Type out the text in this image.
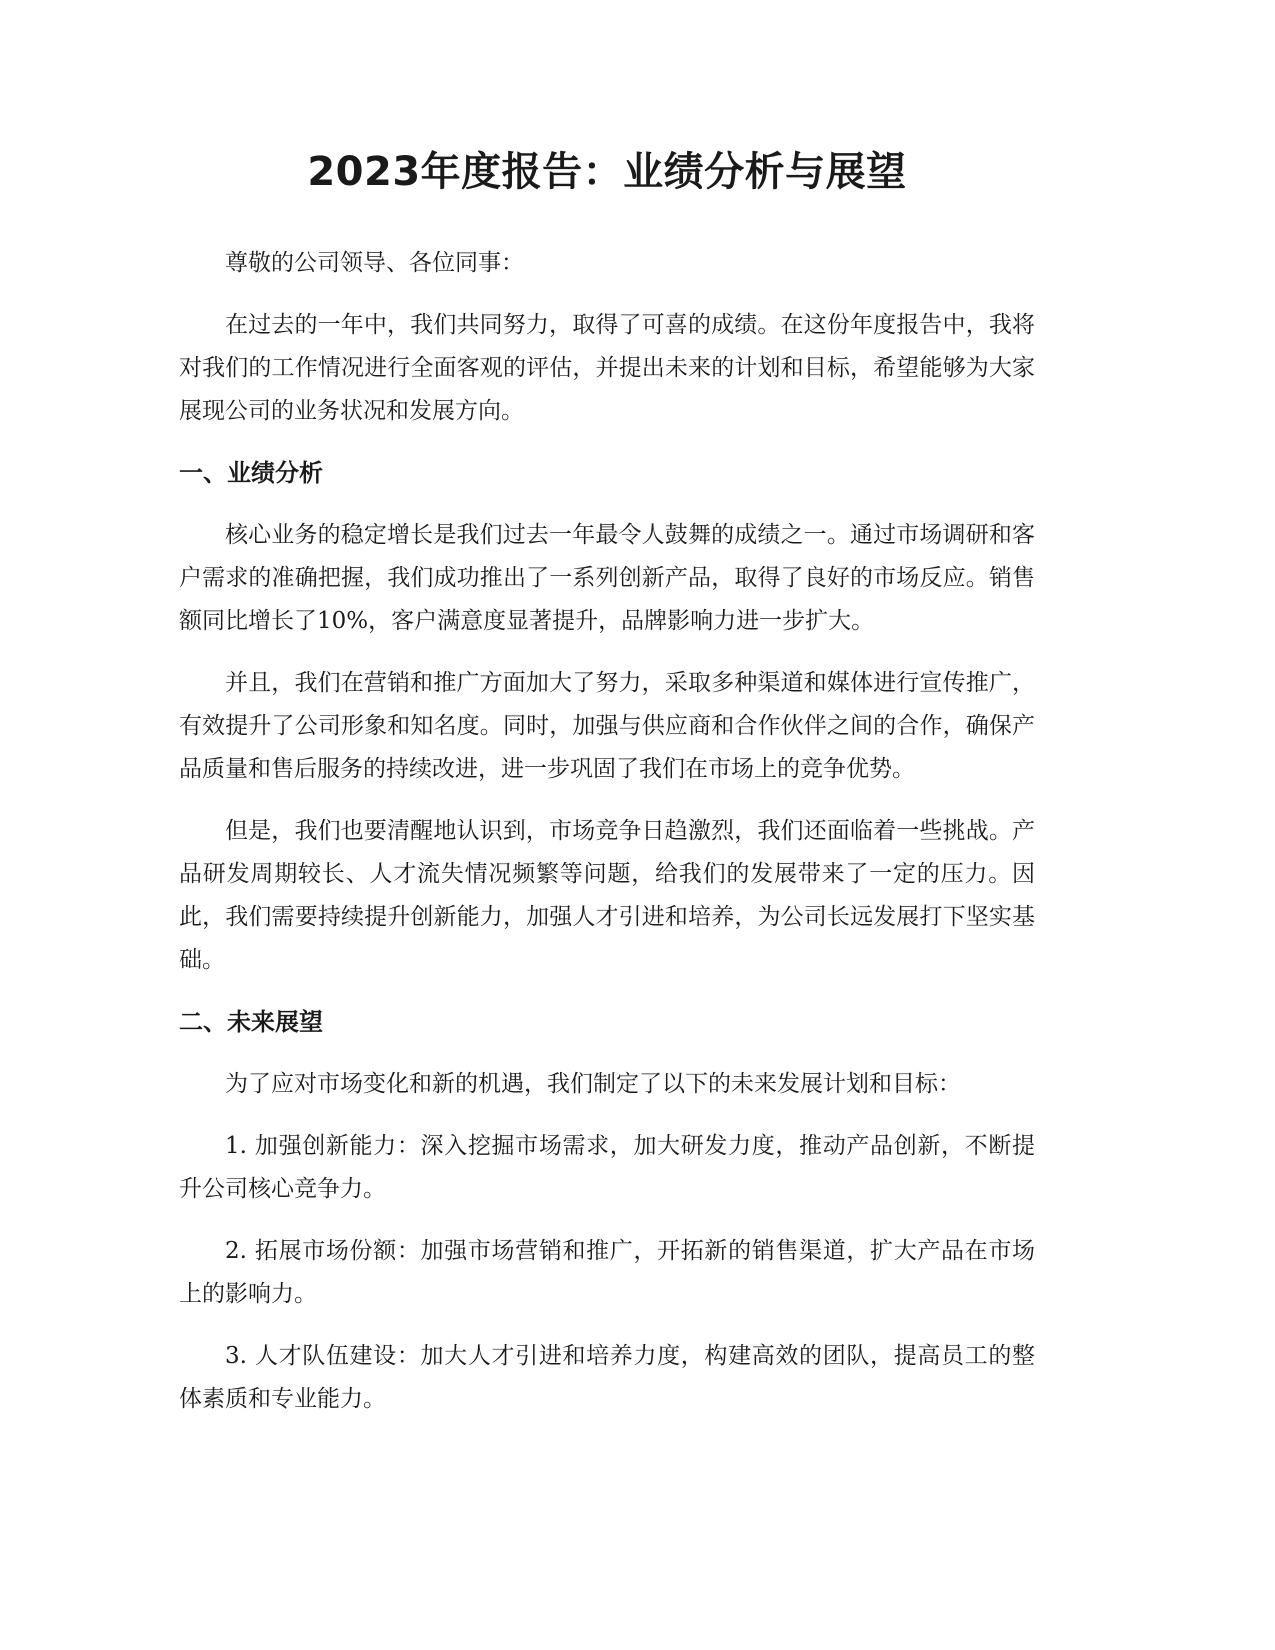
2023年度报告：业绩分析与展望

尊敬的公司领导、各位同事：

在过去的一年中，我们共同努力，取得了可喜的成绩。在这份年度报告中，我将对我们的工作情况进行全面客观的评估，并提出未来的计划和目标，希望能够为大家展现公司的业务状况和发展方向。

一、业绩分析

核心业务的稳定增长是我们过去一年最令人鼓舞的成绩之一。通过市场调研和客户需求的准确把握，我们成功推出了一系列创新产品，取得了良好的市场反应。销售额同比增长了10%，客户满意度显著提升，品牌影响力进一步扩大。

并且，我们在营销和推广方面加大了努力，采取多种渠道和媒体进行宣传推广，有效提升了公司形象和知名度。同时，加强与供应商和合作伙伴之间的合作，确保产品质量和售后服务的持续改进，进一步巩固了我们在市场上的竞争优势。

但是，我们也要清醒地认识到，市场竞争日趋激烈，我们还面临着一些挑战。产品研发周期较长、人才流失情况频繁等问题，给我们的发展带来了一定的压力。因此，我们需要持续提升创新能力，加强人才引进和培养，为公司长远发展打下坚实基础。

二、未来展望

为了应对市场变化和新的机遇，我们制定了以下的未来发展计划和目标：

1. 加强创新能力：深入挖掘市场需求，加大研发力度，推动产品创新，不断提升公司核心竞争力。

2. 拓展市场份额：加强市场营销和推广，开拓新的销售渠道，扩大产品在市场上的影响力。

3. 人才队伍建设：加大人才引进和培养力度，构建高效的团队，提高员工的整体素质和专业能力。
